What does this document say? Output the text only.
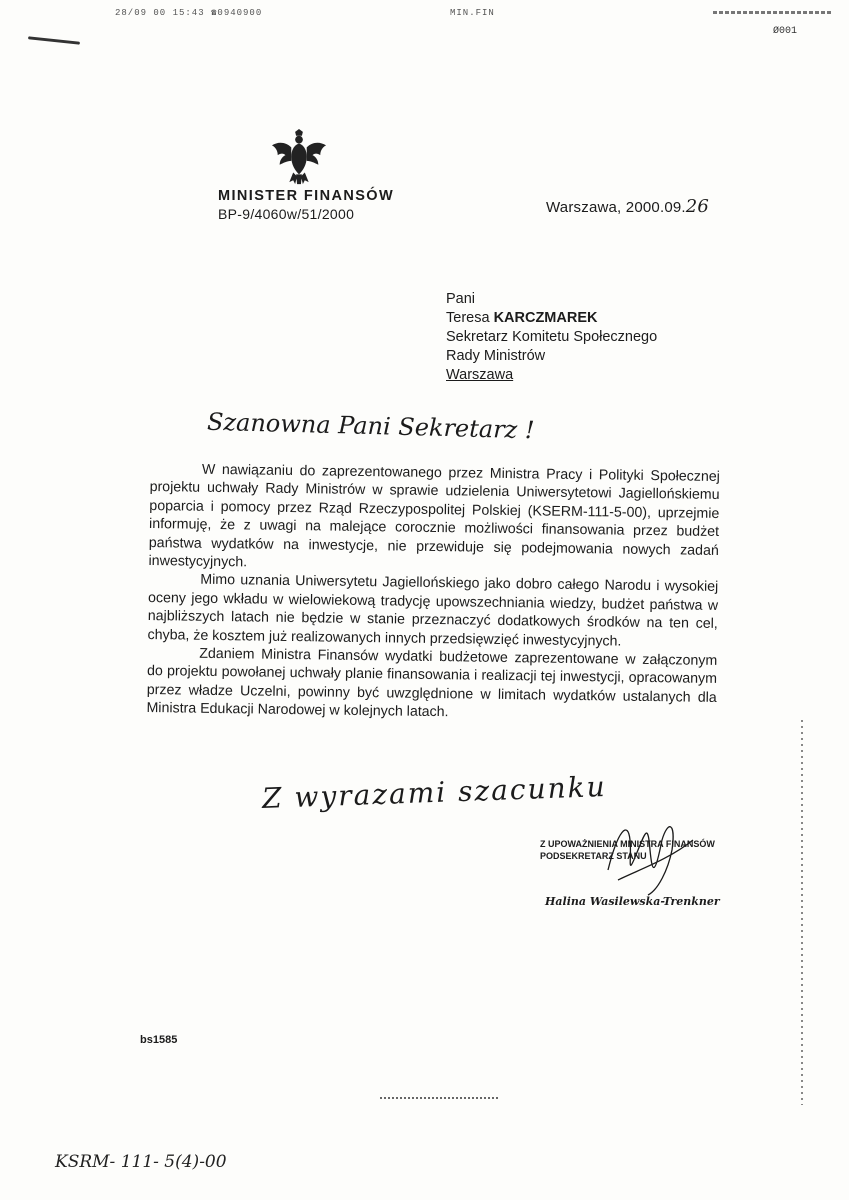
28/09 00 15:43 ☎0940900	MIN.FIN
Ø001
MINISTER FINANSÓW
BP-9/4060w/51/2000	Warszawa, 2000.09.26
Pani
Teresa KARCZMAREK
Sekretarz Komitetu Społecznego
Rady Ministrów
Warszawa
Szanowna Pani Sekretarz !

W nawiązaniu do zaprezentowanego przez Ministra Pracy i Polityki Społecznej projektu uchwały Rady Ministrów w sprawie udzielenia Uniwersytetowi Jagiellońskiemu poparcia i pomocy przez Rząd Rzeczypospolitej Polskiej (KSERM-111-5-00), uprzejmie informuję, że z uwagi na malejące corocznie możliwości finansowania przez budżet państwa wydatków na inwestycje, nie przewiduje się podejmowania nowych zadań inwestycyjnych.

Mimo uznania Uniwersytetu Jagiellońskiego jako dobro całego Narodu i wysokiej oceny jego wkładu w wielowiekową tradycję upowszechniania wiedzy, budżet państwa w najbliższych latach nie będzie w stanie przeznaczyć dodatkowych środków na ten cel, chyba, że kosztem już realizowanych innych przedsięwzięć inwestycyjnych.

Zdaniem Ministra Finansów wydatki budżetowe zaprezentowane w załączonym do projektu powołanej uchwały planie finansowania i realizacji tej inwestycji, opracowanym przez władze Uczelni, powinny być uwzględnione w limitach wydatków ustalanych dla Ministra Edukacji Narodowej w kolejnych latach.

Z wyrazami szacunku
Z UPOWAŻNIENIA MINISTRA FINANSÓW
PODSEKRETARZ STANU
Halina Wasilewska-Trenkner
bs1585
KSRM- 111- 5(4)-00
